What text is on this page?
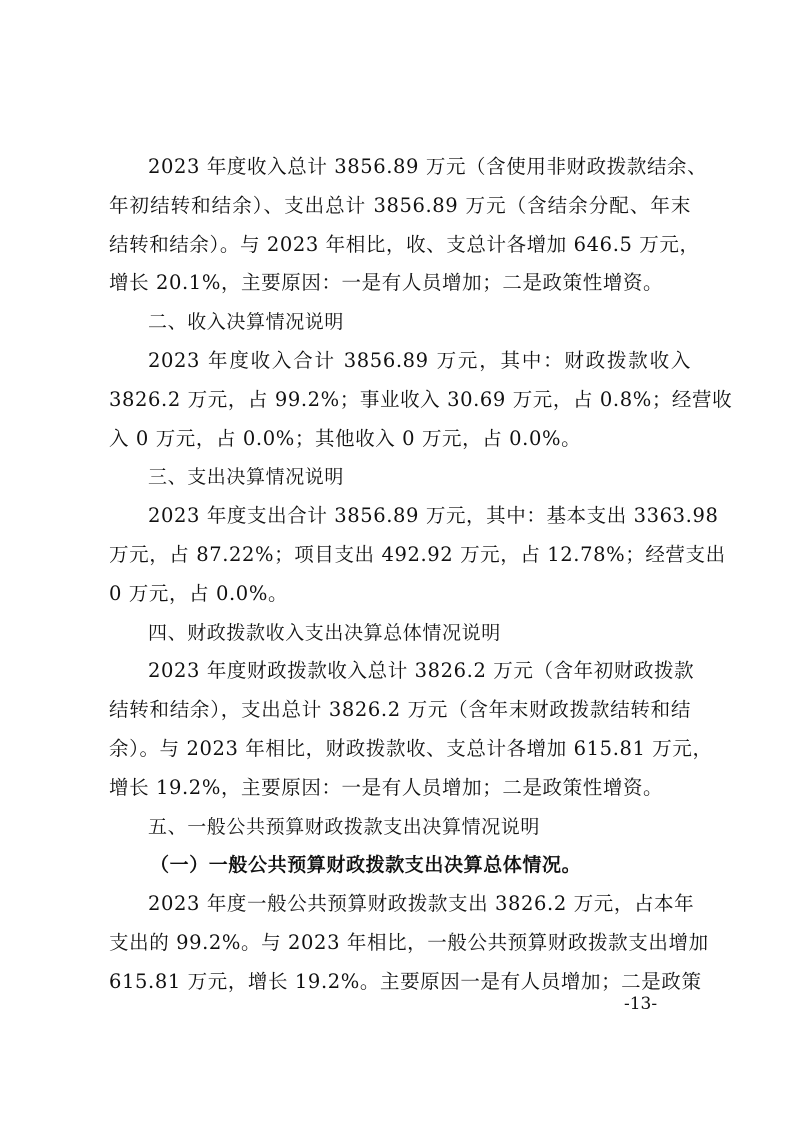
2023 年度收入总计 3856.89 万元（含使用非财政拨款结余、
年初结转和结余）、支出总计 3856.89 万元（含结余分配、年末
结转和结余）。与 2023 年相比，收、支总计各增加 646.5 万元，
增长 20.1%，主要原因：一是有人员增加；二是政策性增资。
二、收入决算情况说明
2023 年度收入合计 3856.89 万元，其中：财政拨款收入
3826.2 万元，占 99.2%；事业收入 30.69 万元，占 0.8%；经营收
入 0 万元，占 0.0%；其他收入 0 万元，占 0.0%。
三、支出决算情况说明
2023 年度支出合计 3856.89 万元，其中：基本支出 3363.98
万元，占 87.22%；项目支出 492.92 万元，占 12.78%；经营支出
0 万元，占 0.0%。
四、财政拨款收入支出决算总体情况说明
2023 年度财政拨款收入总计 3826.2 万元（含年初财政拨款
结转和结余），支出总计 3826.2 万元（含年末财政拨款结转和结
余）。与 2023 年相比，财政拨款收、支总计各增加 615.81 万元，
增长 19.2%，主要原因：一是有人员增加；二是政策性增资。
五、一般公共预算财政拨款支出决算情况说明
（一）一般公共预算财政拨款支出决算总体情况。
2023 年度一般公共预算财政拨款支出 3826.2 万元，占本年
支出的 99.2%。与 2023 年相比，一般公共预算财政拨款支出增加
615.81 万元，增长 19.2%。主要原因一是有人员增加；二是政策
-13-
